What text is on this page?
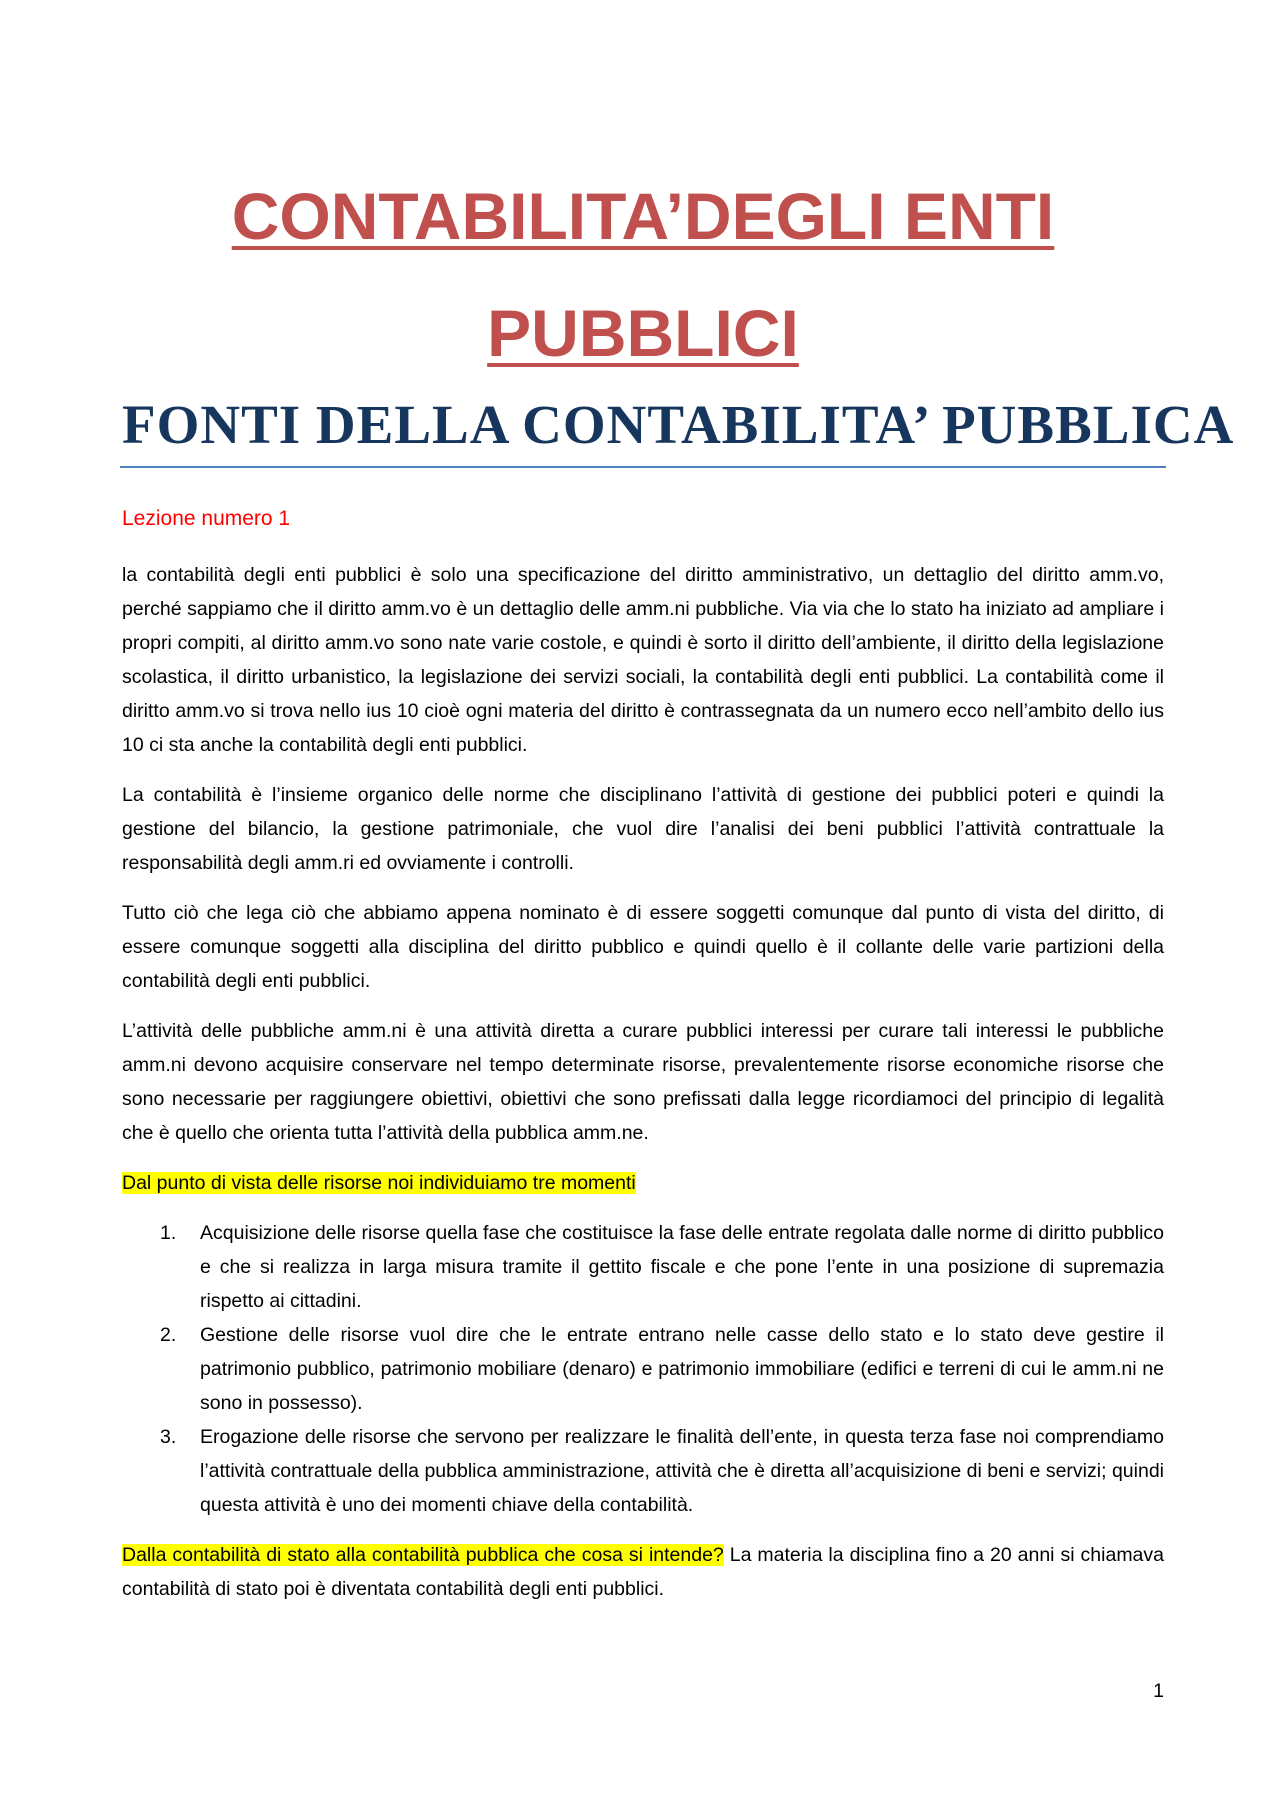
CONTABILITA’DEGLI ENTI
PUBBLICI
FONTI DELLA CONTABILITA’ PUBBLICA
Lezione numero 1

la contabilità degli enti pubblici è solo una specificazione del diritto amministrativo, un dettaglio del diritto amm.vo, perché sappiamo che il diritto amm.vo è un dettaglio delle amm.ni pubbliche. Via via che lo stato ha iniziato ad ampliare i propri compiti, al diritto amm.vo sono nate varie costole, e quindi è sorto il diritto dell’ambiente, il diritto della legislazione scolastica, il diritto urbanistico, la legislazione dei servizi sociali, la contabilità degli enti pubblici. La contabilità come il diritto amm.vo si trova nello ius 10 cioè ogni materia del diritto è contrassegnata da un numero ecco nell’ambito dello ius 10 ci sta anche la contabilità degli enti pubblici.

La contabilità è l’insieme organico delle norme che disciplinano l’attività di gestione dei pubblici poteri e quindi la gestione del bilancio, la gestione patrimoniale, che vuol dire l’analisi dei beni pubblici l’attività contrattuale la responsabilità degli amm.ri ed ovviamente i controlli.

Tutto ciò che lega ciò che abbiamo appena nominato è di essere soggetti comunque dal punto di vista del diritto, di essere comunque soggetti alla disciplina del diritto pubblico e quindi quello è il collante delle varie partizioni della contabilità degli enti pubblici.

L’attività delle pubbliche amm.ni è una attività diretta a curare pubblici interessi per curare tali interessi le pubbliche amm.ni devono acquisire conservare nel tempo determinate risorse, prevalentemente risorse economiche risorse che sono necessarie per raggiungere obiettivi, obiettivi che sono prefissati dalla legge ricordiamoci del principio di legalità che è quello che orienta tutta l’attività della pubblica amm.ne.

Dal punto di vista delle risorse noi individuiamo tre momenti

1. Acquisizione delle risorse quella fase che costituisce la fase delle entrate regolata dalle norme di diritto pubblico e che si realizza in larga misura tramite il gettito fiscale e che pone l’ente in una posizione di supremazia rispetto ai cittadini.
2. Gestione delle risorse vuol dire che le entrate entrano nelle casse dello stato e lo stato deve gestire il patrimonio pubblico, patrimonio mobiliare (denaro) e patrimonio immobiliare (edifici e terreni di cui le amm.ni ne sono in possesso).
3. Erogazione delle risorse che servono per realizzare le finalità dell’ente, in questa terza fase noi comprendiamo l’attività contrattuale della pubblica amministrazione, attività che è diretta all’acquisizione di beni e servizi; quindi questa attività è uno dei momenti chiave della contabilità.

Dalla contabilità di stato alla contabilità pubblica che cosa si intende? La materia la disciplina fino a 20 anni si chiamava contabilità di stato poi è diventata contabilità degli enti pubblici.

1
